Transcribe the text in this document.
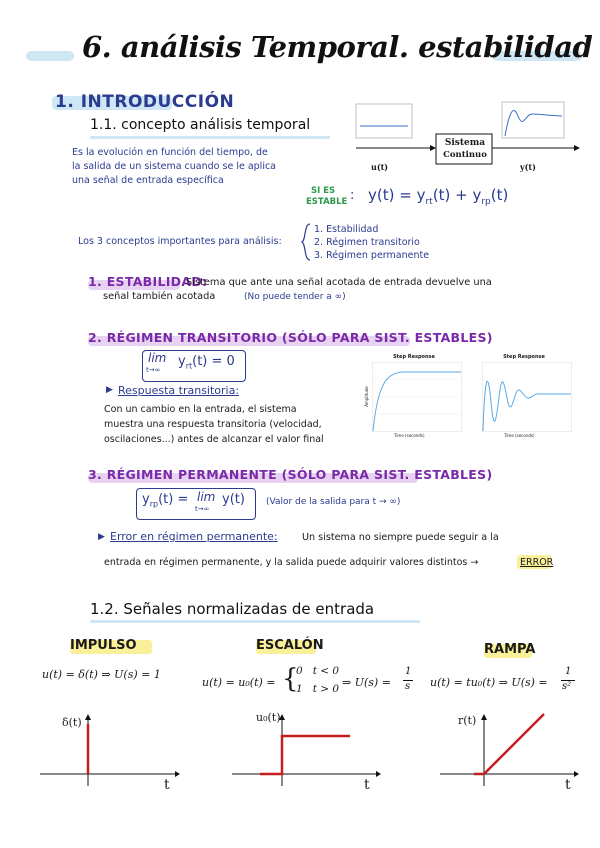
6. análisis Temporal. estabilidad
1. INTRODUCCIÓN
1.1. concepto análisis temporal
Es la evolución en función del tiempo, de
la salida de un sistema cuando se le aplica
una señal de entrada específica
Sistema
Continuo
u(t)	y(t)
SI ES
ESTABLE : $y(t) = y_{rt}(t) + y_{rp}(t)$
Los 3 conceptos importantes para análisis:
1. Estabilidad
2. Régimen transitorio
3. Régimen permanente
1. ESTABILIDAD:
Sistema que ante una señal acotada de entrada devuelve una
señal también acotada	(No puede tender a ∞)
2. RÉGIMEN TRANSITORIO (SÓLO PARA SIST. ESTABLES)
lim
t→∞
$y_{rt}(t) = 0$
▶ Respuesta transitoria:
Con un cambio en la entrada, el sistema
muestra una respuesta transitoria (velocidad,
oscilaciones...) antes de alcanzar el valor final
Step Response
Time (seconds)
Amplitude
Step Response
Time (seconds)
3. RÉGIMEN PERMANENTE (SÓLO PARA SIST. ESTABLES)
$y_{rp}(t) = \lim$
t→∞
y(t) (Valor de la salida para t → ∞)
▶ Error en régimen permanente:	Un sistema no siempre puede seguir a la
entrada en régimen permanente, y la salida puede adquirir valores distintos →	ERROR
1.2. Señales normalizadas de entrada
IMPULSO
u(t) = δ(t) ⇒ U(s) = 1
δ(t)
t
ESCALÓN
u(t) = u₀(t) = {
0   t < 0
1   t > 0 ⇒ U(s) =
1
s
u₀(t)
t
RAMPA
u(t) = tu₀(t) ⇒ U(s) =
1
s²
r(t)
t
